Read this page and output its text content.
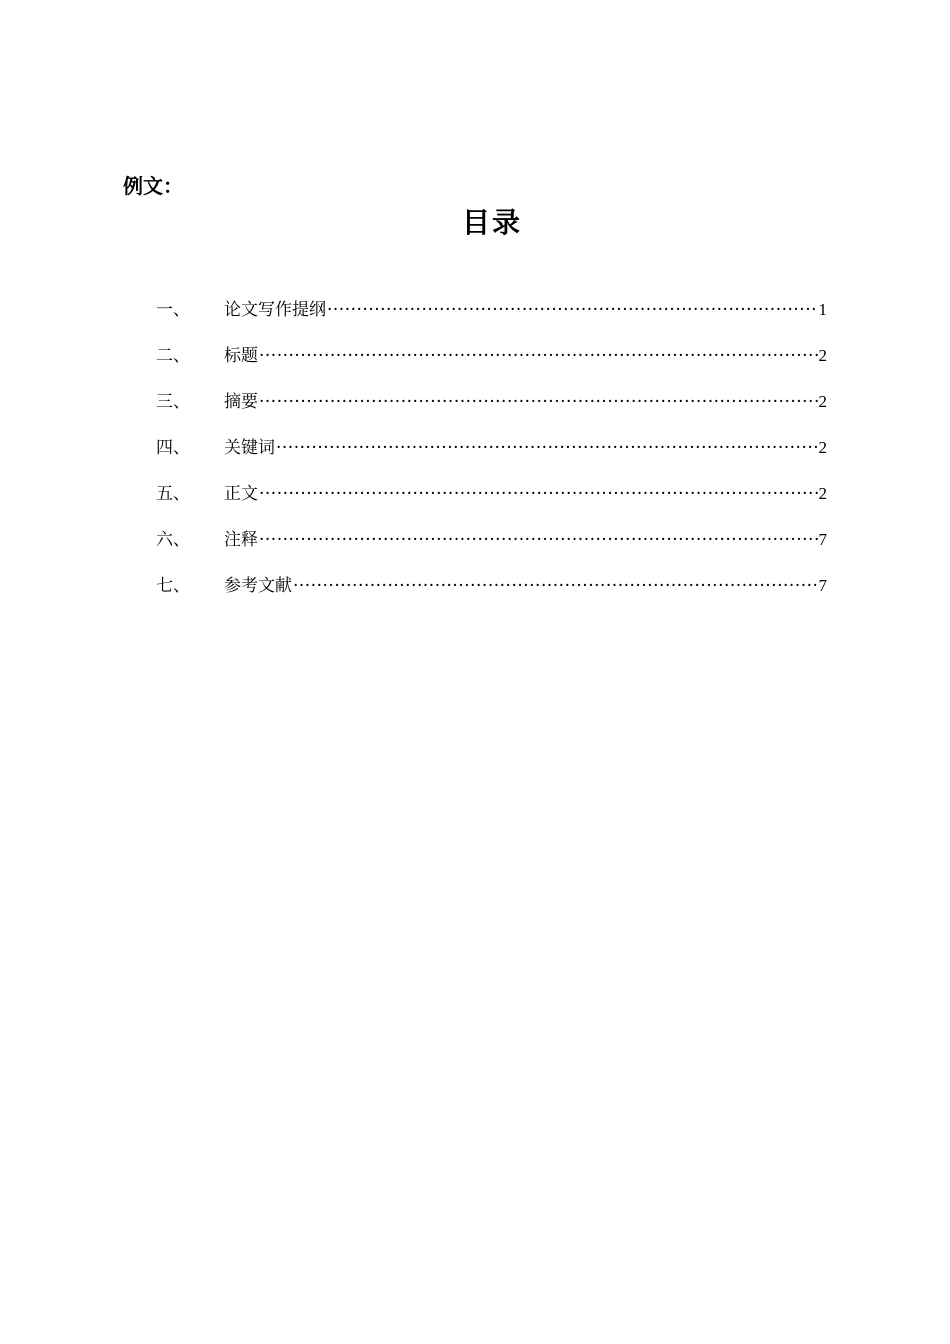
例文：
目录
一、	论文写作提纲 ·····	1
二、	标题 ·····	2
三、	摘要 ·····	2
四、	关键词 ·····	2
五、	正文 ·····	2
六、	注释 ·····	7
七、	参考文献 ·····	7
